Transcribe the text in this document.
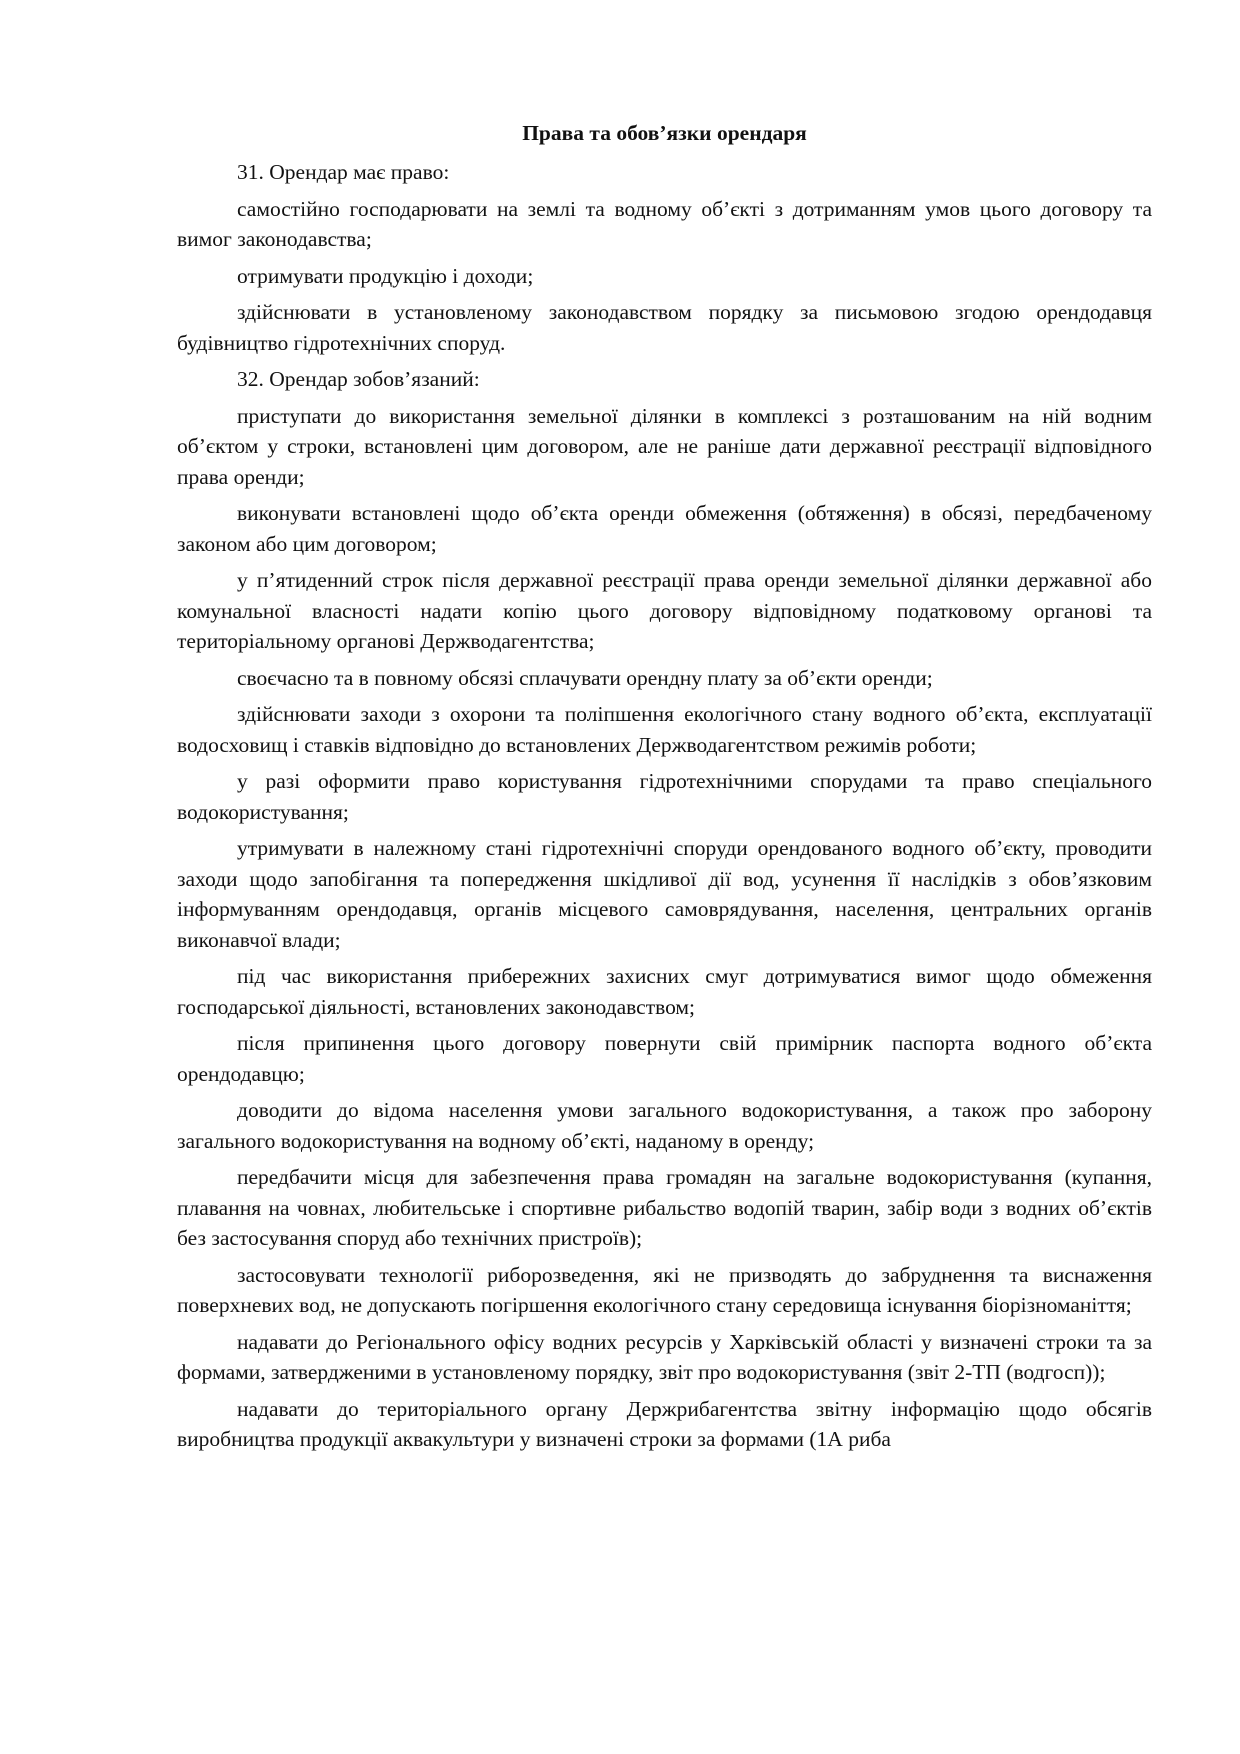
Права та обов’язки орендаря
31. Орендар має право:
самостійно господарювати на землі та водному об’єкті з дотриманням умов цього договору та вимог законодавства;
отримувати продукцію і доходи;
здійснювати в установленому законодавством порядку за письмовою згодою орендодавця будівництво гідротехнічних споруд.
32. Орендар зобов’язаний:
приступати до використання земельної ділянки в комплексі з розташованим на ній водним об’єктом у строки, встановлені цим договором, але не раніше дати державної реєстрації відповідного права оренди;
виконувати встановлені щодо об’єкта оренди обмеження (обтяження) в обсязі, передбаченому законом або цим договором;
у п’ятиденний строк після державної реєстрації права оренди земельної ділянки державної або комунальної власності надати копію цього договору відповідному податковому органові та територіальному органові Держводагентства;
своєчасно та в повному обсязі сплачувати орендну плату за об’єкти оренди;
здійснювати заходи з охорони та поліпшення екологічного стану водного об’єкта, експлуатації водосховищ і ставків відповідно до встановлених Держводагентством режимів роботи;
у разі оформити право користування гідротехнічними спорудами та право спеціального водокористування;
утримувати в належному стані гідротехнічні споруди орендованого водного об’єкту, проводити заходи щодо запобігання та попередження шкідливої дії вод, усунення її наслідків з обов’язковим інформуванням орендодавця, органів місцевого самоврядування, населення, центральних органів виконавчої влади;
під час використання прибережних захисних смуг дотримуватися вимог щодо обмеження господарської діяльності, встановлених законодавством;
після припинення цього договору повернути свій примірник паспорта водного об’єкта орендодавцю;
доводити до відома населення умови загального водокористування, а також про заборону загального водокористування на водному об’єкті, наданому в оренду;
передбачити місця для забезпечення права громадян на загальне водокористування (купання, плавання на човнах, любительське і спортивне рибальство водопій тварин, забір води з водних об’єктів без застосування споруд або технічних пристроїв);
застосовувати технології риборозведення, які не призводять до забруднення та виснаження поверхневих вод, не допускають погіршення екологічного стану середовища існування біорізноманіття;
надавати до Регіонального офісу водних ресурсів у Харківській області у визначені строки та за формами, затвердженими в установленому порядку, звіт про водокористування (звіт 2-ТП (водгосп));
надавати до територіального органу Держрибагентства звітну інформацію щодо обсягів виробництва продукції аквакультури у визначені строки за формами (1А риба
